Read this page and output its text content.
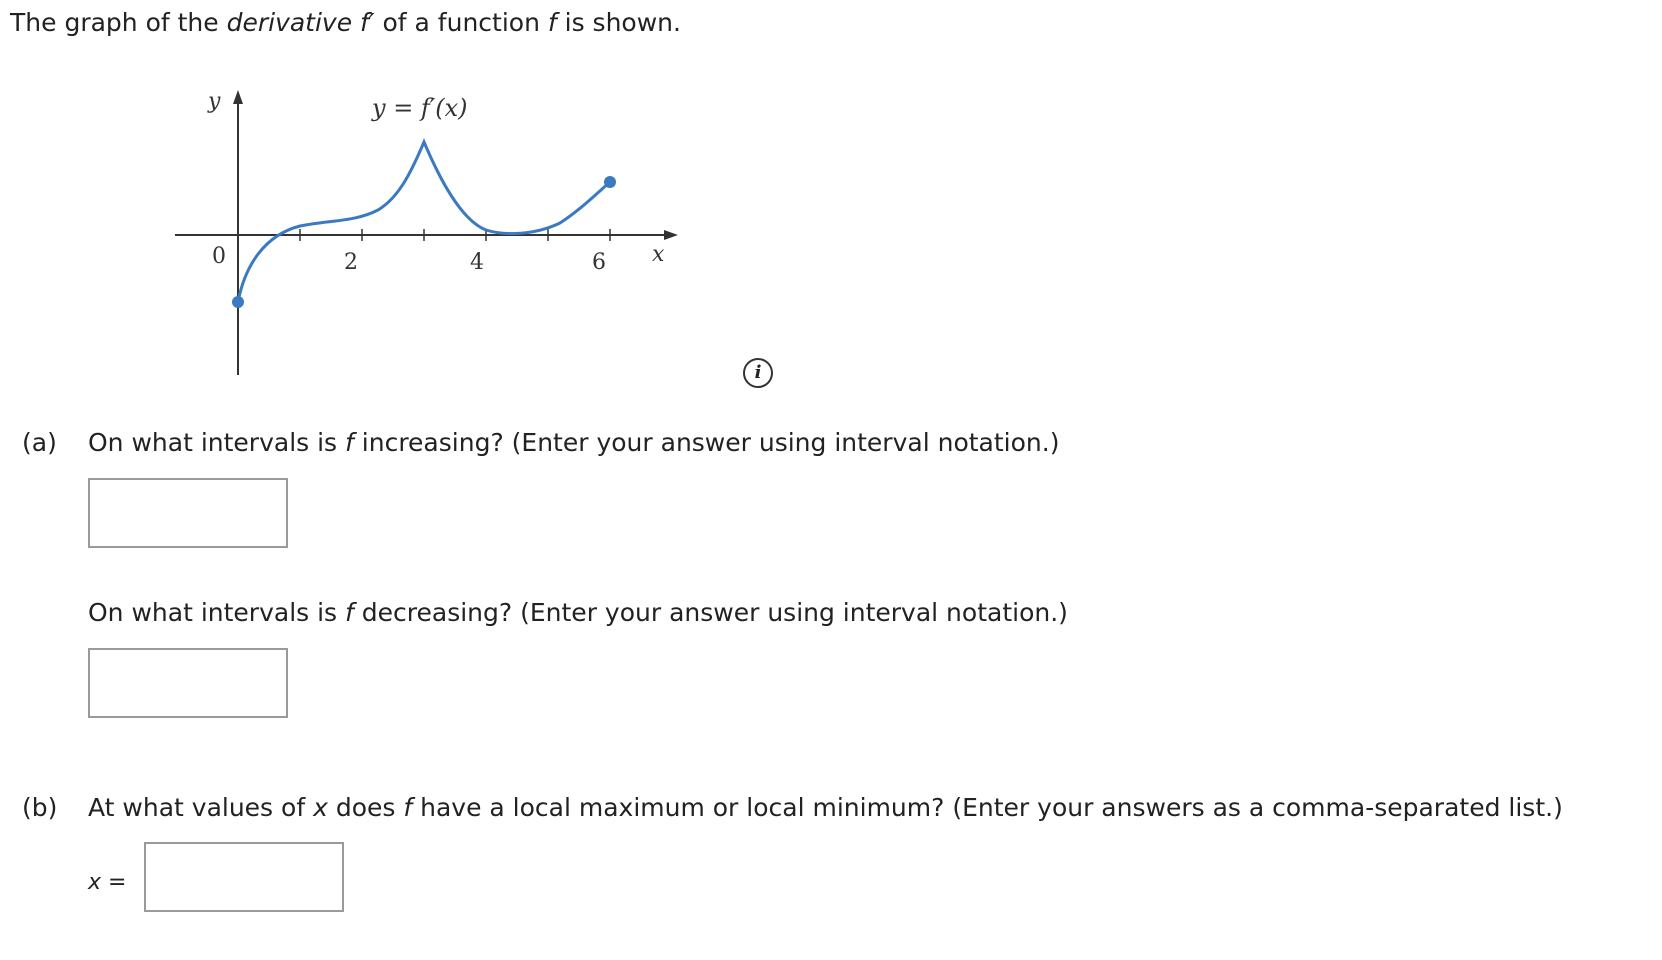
The graph of the derivative f′ of a function f is shown.
y	y = f′(x)
0	2	4	6 x
i
(a) On what intervals is f increasing? (Enter your answer using interval notation.)
On what intervals is f decreasing? (Enter your answer using interval notation.)
(b) At what values of x does f have a local maximum or local minimum? (Enter your answers as a comma-separated list.)
x =
